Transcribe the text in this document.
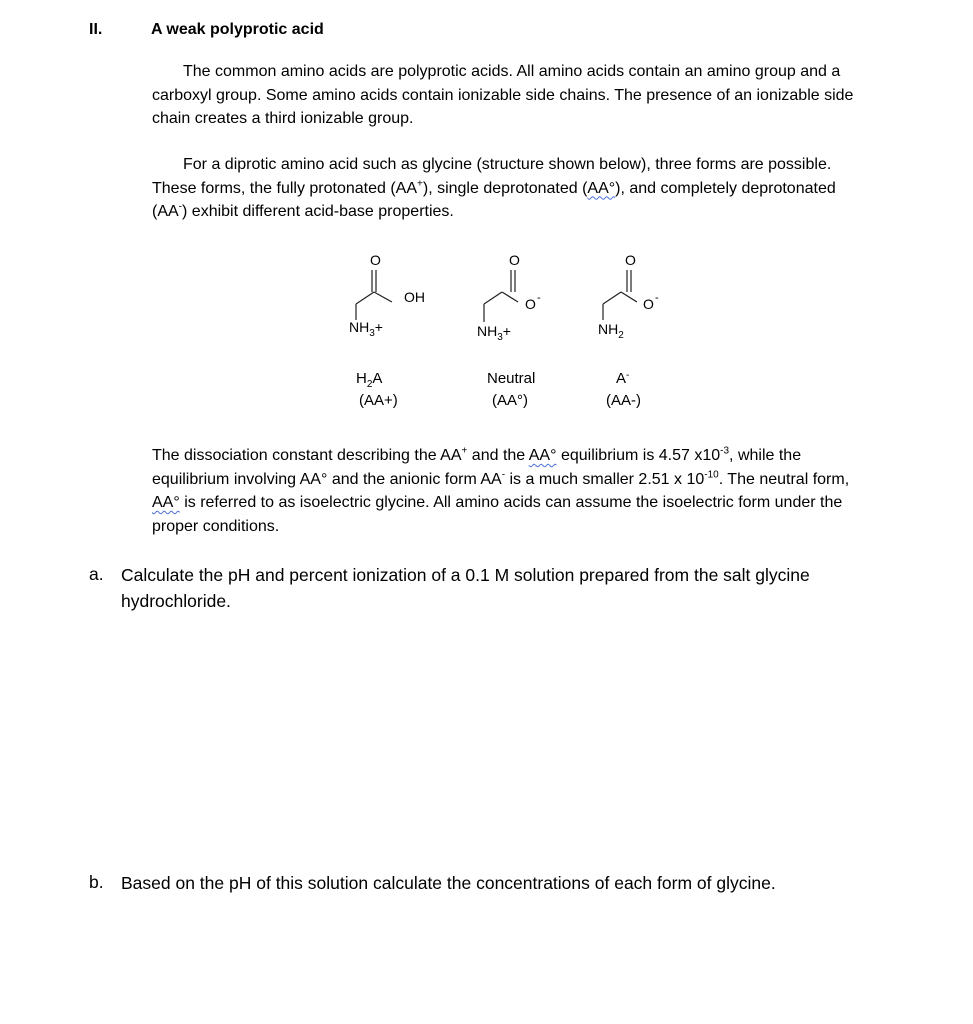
II.	A weak polyprotic acid

The common amino acids are polyprotic acids. All amino acids contain an amino group and a carboxyl group. Some amino acids contain ionizable side chains. The presence of an ionizable side chain creates a third ionizable group.

For a diprotic amino acid such as glycine (structure shown below), three forms are possible. These forms, the fully protonated (AA+), single deprotonated (AA°), and completely deprotonated (AA-) exhibit different acid-base properties.

O
OH
$NH_3+$
$H_2A$
(AA+)
O
O -
$NH_3+$
Neutral
(AA°)
O
O -
$NH_2$
A-
(AA-)

The dissociation constant describing the AA+ and the AA° equilibrium is 4.57 $x10^{-3}$, while the equilibrium involving AA° and the anionic form AA- is a much smaller 2.51 x $10^{-10}$. The neutral form, AA° is referred to as isoelectric glycine. All amino acids can assume the isoelectric form under the proper conditions.

a. Calculate the pH and percent ionization of a 0.1 M solution prepared from the salt glycine hydrochloride.
b. Based on the pH of this solution calculate the concentrations of each form of glycine.
